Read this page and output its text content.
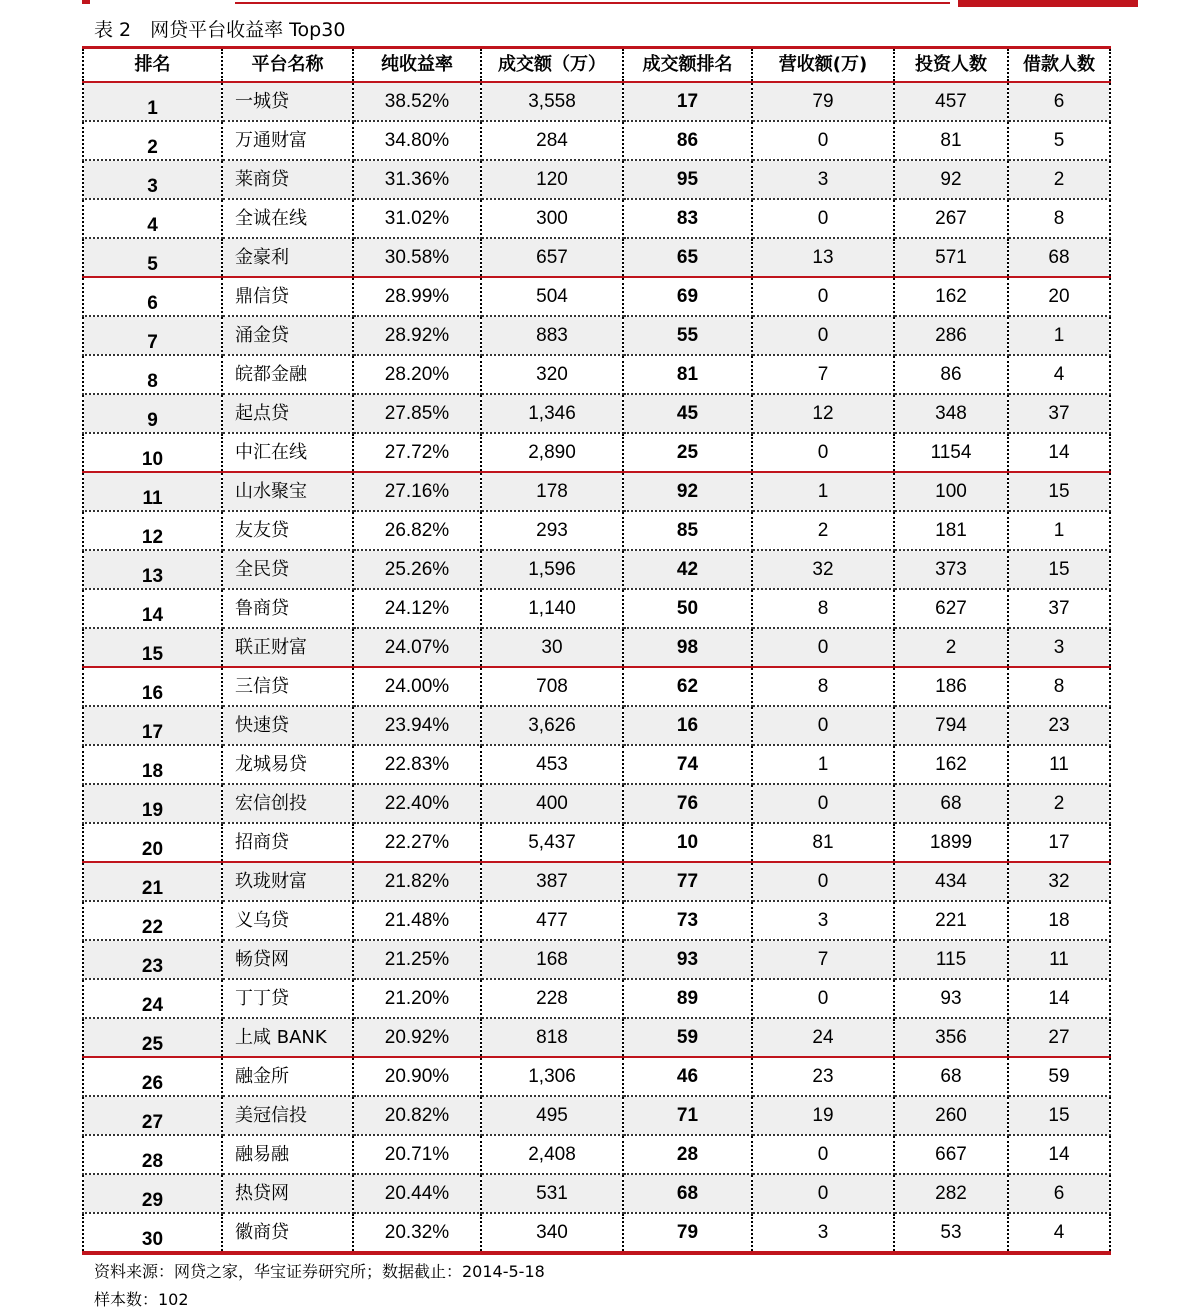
表 2　网贷平台收益率 Top30
排名	平台名称	纯收益率	成交额（万）	成交额排名	营收额(万)	投资人数	借款人数
1	一城贷	38.52%	3,558	17	79	457	6
2	万通财富	34.80%	284	86	0	81	5
3	莱商贷	31.36%	120	95	3	92	2
4	全诚在线	31.02%	300	83	0	267	8
5	金豪利	30.58%	657	65	13	571	68
6	鼎信贷	28.99%	504	69	0	162	20
7	涌金贷	28.92%	883	55	0	286	1
8	皖都金融	28.20%	320	81	7	86	4
9	起点贷	27.85%	1,346	45	12	348	37
10	中汇在线	27.72%	2,890	25	0	1154	14
11	山水聚宝	27.16%	178	92	1	100	15
12	友友贷	26.82%	293	85	2	181	1
13	全民贷	25.26%	1,596	42	32	373	15
14	鲁商贷	24.12%	1,140	50	8	627	37
15	联正财富	24.07%	30	98	0	2	3
16	三信贷	24.00%	708	62	8	186	8
17	快速贷	23.94%	3,626	16	0	794	23
18	龙城易贷	22.83%	453	74	1	162	11
19	宏信创投	22.40%	400	76	0	68	2
20	招商贷	22.27%	5,437	10	81	1899	17
21	玖珑财富	21.82%	387	77	0	434	32
22	义乌贷	21.48%	477	73	3	221	18
23	畅贷网	21.25%	168	93	7	115	11
24	丁丁贷	21.20%	228	89	0	93	14
25	上咸 BANK	20.92%	818	59	24	356	27
26	融金所	20.90%	1,306	46	23	68	59
27	美冠信投	20.82%	495	71	19	260	15
28	融易融	20.71%	2,408	28	0	667	14
29	热贷网	20.44%	531	68	0	282	6
30	徽商贷	20.32%	340	79	3	53	4
资料来源：网贷之家，华宝证券研究所；数据截止：2014-5-18
样本数：102
